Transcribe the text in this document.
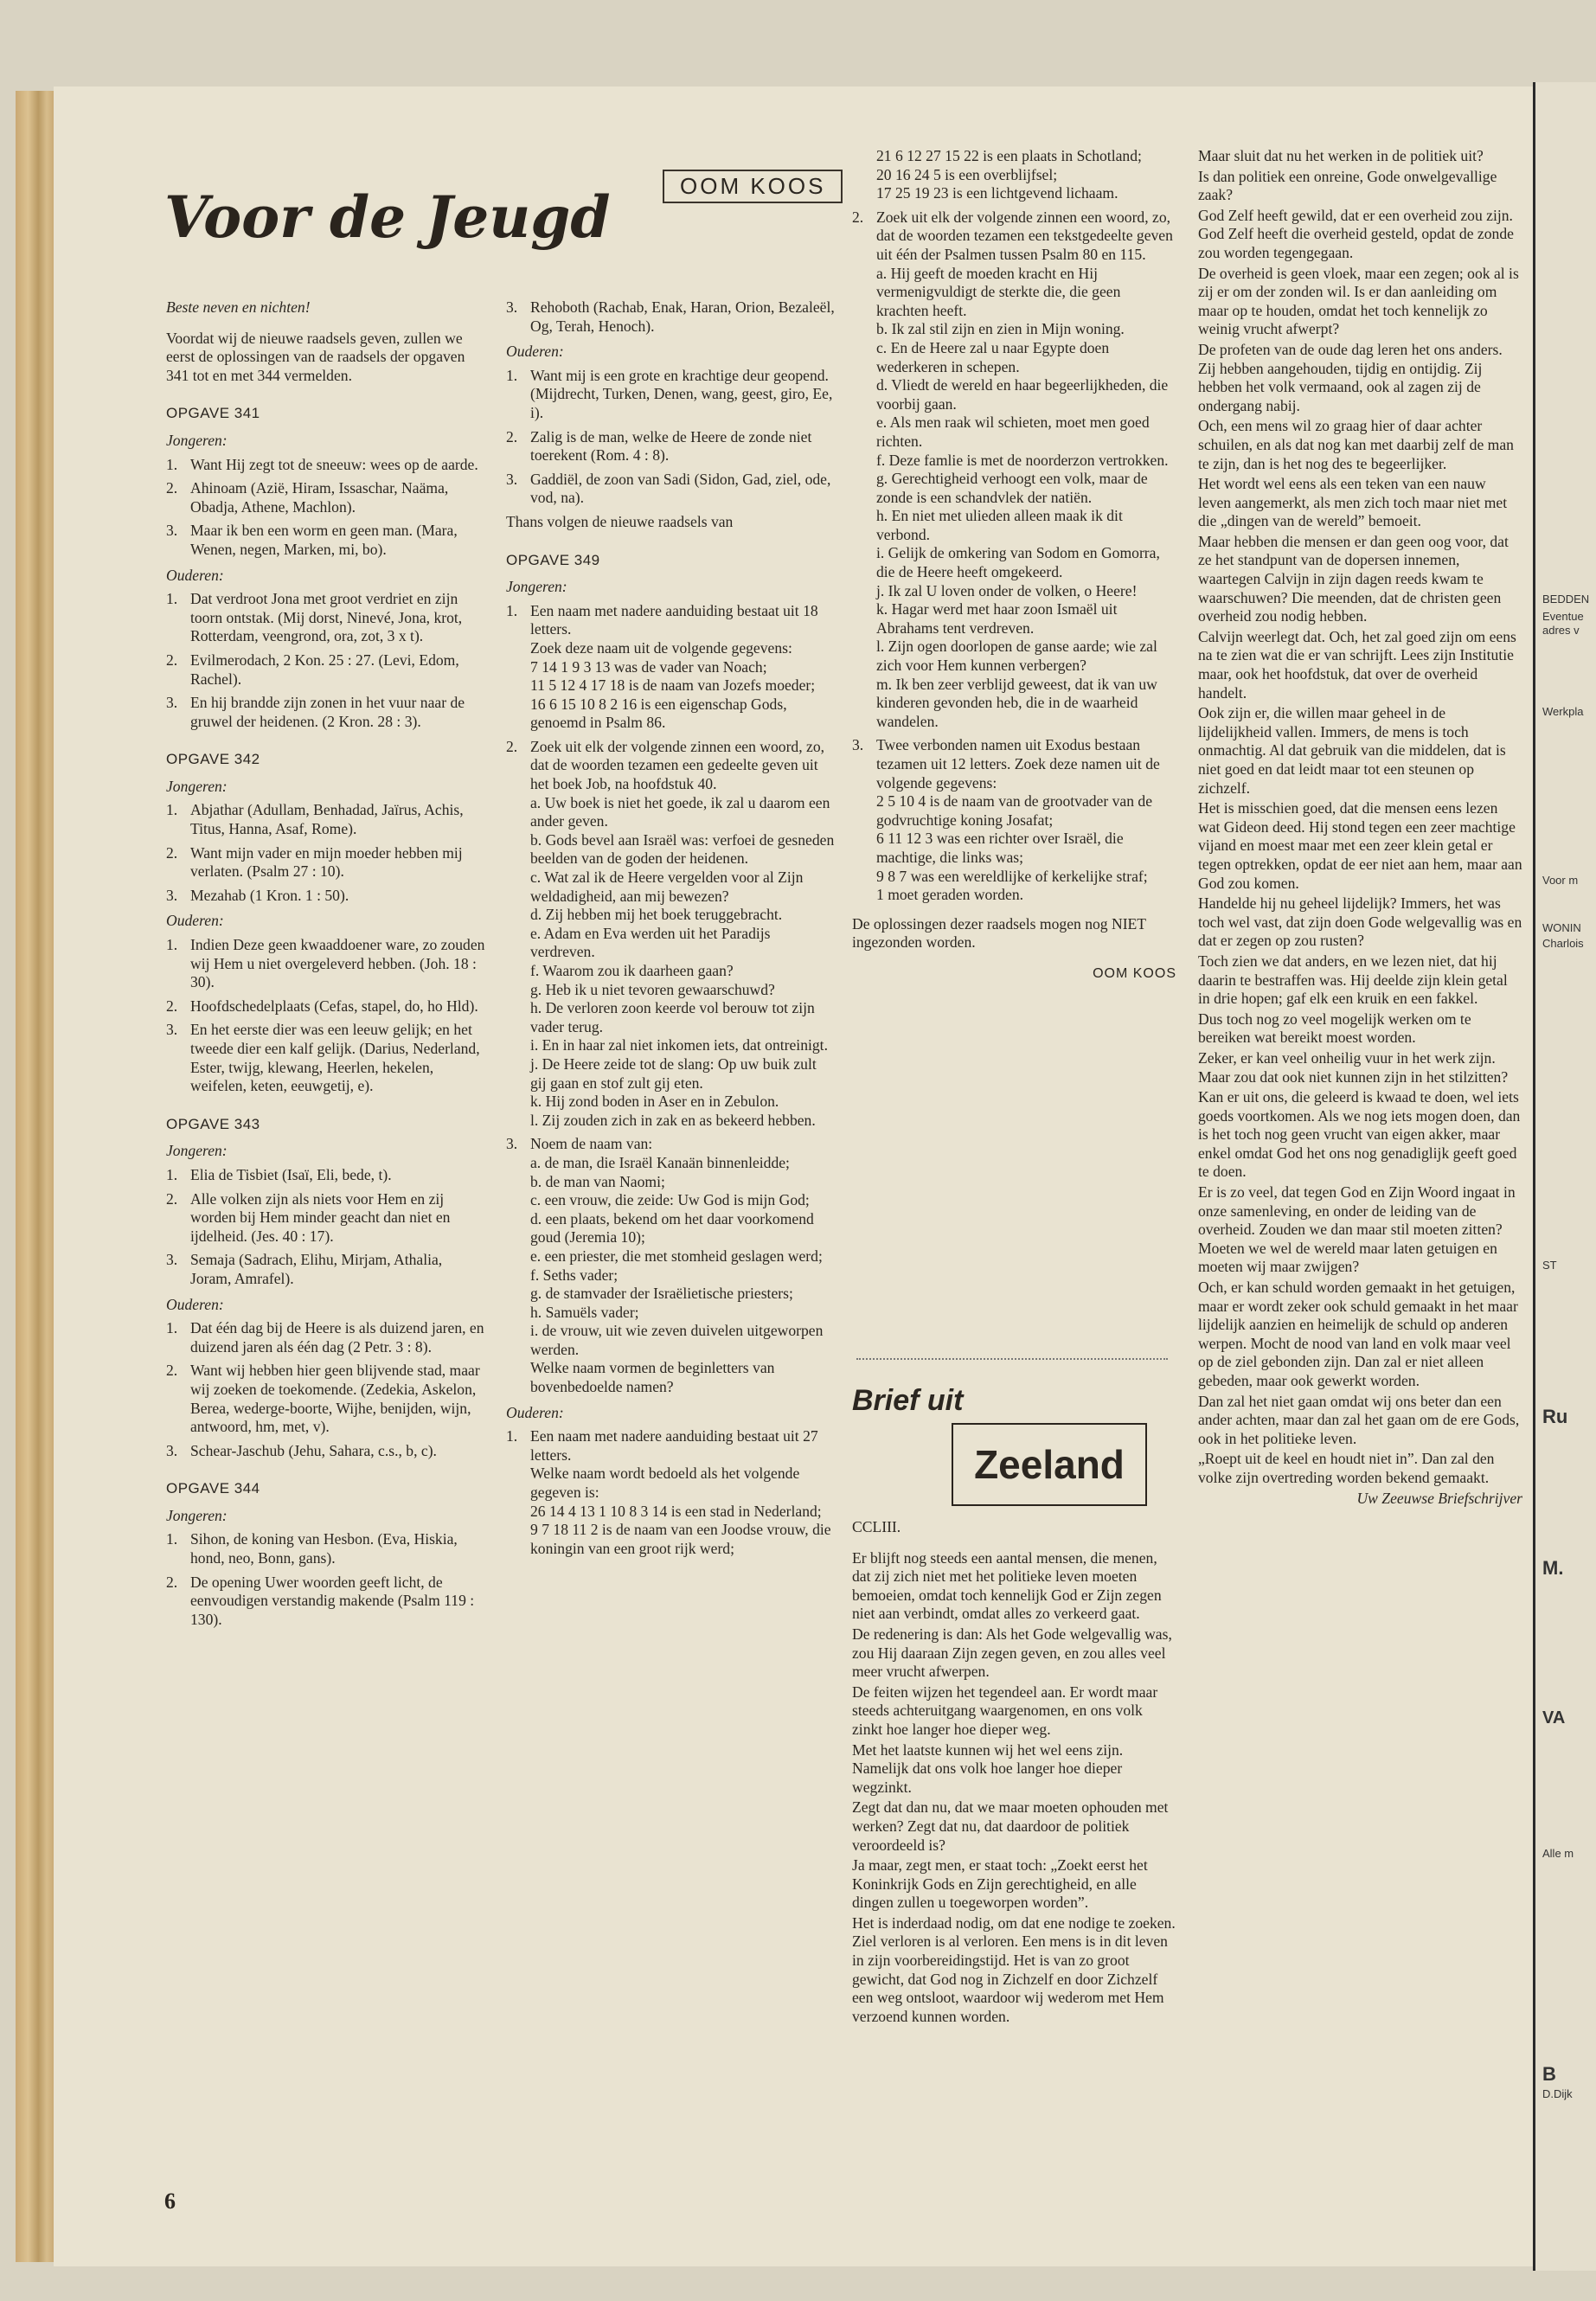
Voor de Jeugd	OOM KOOS

Beste neven en nichten!

Voordat wij de nieuwe raadsels geven, zullen we eerst de oplossingen van de raadsels der opgaven 341 tot en met 344 vermelden.

OPGAVE 341
Jongeren:
1. Want Hij zegt tot de sneeuw: wees op de aarde.
2. Ahinoam (Azië, Hiram, Issaschar, Naäma, Obadja, Athene, Machlon).
3. Maar ik ben een worm en geen man. (Mara, Wenen, negen, Marken, mi, bo).
Ouderen:
1. Dat verdroot Jona met groot verdriet en zijn toorn ontstak. (Mij dorst, Ninevé, Jona, krot, Rotterdam, veengrond, ora, zot, 3 x t).
2. Evilmerodach, 2 Kon. 25 : 27. (Levi, Edom, Rachel).
3. En hij brandde zijn zonen in het vuur naar de gruwel der heidenen. (2 Kron. 28 : 3).
OPGAVE 342
Jongeren:
1. Abjathar (Adullam, Benhadad, Jaïrus, Achis, Titus, Hanna, Asaf, Rome).
2. Want mijn vader en mijn moeder hebben mij verlaten. (Psalm 27 : 10).
3. Mezahab (1 Kron. 1 : 50).
Ouderen:
1. Indien Deze geen kwaaddoener ware, zo zouden wij Hem u niet overgeleverd hebben. (Joh. 18 : 30).
2. Hoofdschedelplaats (Cefas, stapel, do, ho Hld).
3. En het eerste dier was een leeuw gelijk; en het tweede dier een kalf gelijk. (Darius, Nederland, Ester, twijg, klewang, Heerlen, hekelen, weifelen, keten, eeuwgetij, e).
OPGAVE 343
Jongeren:
1. Elia de Tisbiet (Isaï, Eli, bede, t).
2. Alle volken zijn als niets voor Hem en zij worden bij Hem minder geacht dan niet en ijdelheid. (Jes. 40 : 17).
3. Semaja (Sadrach, Elihu, Mirjam, Athalia, Joram, Amrafel).
Ouderen:
1. Dat één dag bij de Heere is als duizend jaren, en duizend jaren als één dag (2 Petr. 3 : 8).
2. Want wij hebben hier geen blijvende stad, maar wij zoeken de toekomende. (Zedekia, Askelon, Berea, wederge-boorte, Wijhe, benijden, wijn, antwoord, hm, met, v).
3. Schear-Jaschub (Jehu, Sahara, c.s., b, c).
OPGAVE 344
Jongeren:
1. Sihon, de koning van Hesbon. (Eva, Hiskia, hond, neo, Bonn, gans).
2. De opening Uwer woorden geeft licht, de eenvoudigen verstandig makende (Psalm 119 : 130).
6
3. Rehoboth (Rachab, Enak, Haran, Orion, Bezaleël, Og, Terah, Henoch).
Ouderen:
1. Want mij is een grote en krachtige deur geopend. (Mijdrecht, Turken, Denen, wang, geest, giro, Ee, i).
2. Zalig is de man, welke de Heere de zonde niet toerekent (Rom. 4 : 8).
3. Gaddiël, de zoon van Sadi (Sidon, Gad, ziel, ode, vod, na).

Thans volgen de nieuwe raadsels van

OPGAVE 349
Jongeren:
1. Een naam met nadere aanduiding bestaat uit 18 letters.
Zoek deze naam uit de volgende gegevens:
7 14 1 9 3 13 was de vader van Noach;
11 5 12 4 17 18 is de naam van Jozefs moeder;
16 6 15 10 8 2 16 is een eigenschap Gods, genoemd in Psalm 86.
2. Zoek uit elk der volgende zinnen een woord, zo, dat de woorden tezamen een gedeelte geven uit het boek Job, na hoofdstuk 40.
a. Uw boek is niet het goede, ik zal u daarom een ander geven.
b. Gods bevel aan Israël was: verfoei de gesneden beelden van de goden der heidenen.
c. Wat zal ik de Heere vergelden voor al Zijn weldadigheid, aan mij bewezen?
d. Zij hebben mij het boek teruggebracht.
e. Adam en Eva werden uit het Paradijs verdreven.
f. Waarom zou ik daarheen gaan?
g. Heb ik u niet tevoren gewaarschuwd?
h. De verloren zoon keerde vol berouw tot zijn vader terug.
i. En in haar zal niet inkomen iets, dat ontreinigt.
j. De Heere zeide tot de slang: Op uw buik zult gij gaan en stof zult gij eten.
k. Hij zond boden in Aser en in Zebulon.
l. Zij zouden zich in zak en as bekeerd hebben.
3. Noem de naam van:
a. de man, die Israël Kanaän binnenleidde;
b. de man van Naomi;
c. een vrouw, die zeide: Uw God is mijn God;
d. een plaats, bekend om het daar voorkomend goud (Jeremia 10);
e. een priester, die met stomheid geslagen werd;
f. Seths vader;
g. de stamvader der Israëlietische priesters;
h. Samuëls vader;
i. de vrouw, uit wie zeven duivelen uitgeworpen werden.
Welke naam vormen de beginletters van bovenbedoelde namen?
Ouderen:
1. Een naam met nadere aanduiding bestaat uit 27 letters.
Welke naam wordt bedoeld als het volgende gegeven is:
26 14 4 13 1 10 8 3 14 is een stad in Nederland;
9 7 18 11 2 is de naam van een Joodse vrouw, die koningin van een groot rijk werd;
21 6 12 27 15 22 is een plaats in Schotland;
20 16 24 5 is een overblijfsel;
17 25 19 23 is een lichtgevend lichaam.
2. Zoek uit elk der volgende zinnen een woord, zo, dat de woorden tezamen een tekstgedeelte geven uit één der Psalmen tussen Psalm 80 en 115.
a. Hij geeft de moeden kracht en Hij vermenigvuldigt de sterkte die, die geen krachten heeft.
b. Ik zal stil zijn en zien in Mijn woning.
c. En de Heere zal u naar Egypte doen wederkeren in schepen.
d. Vliedt de wereld en haar begeerlijkheden, die voorbij gaan.
e. Als men raak wil schieten, moet men goed richten.
f. Deze famlie is met de noorderzon vertrokken.
g. Gerechtigheid verhoogt een volk, maar de zonde is een schandvlek der natiën.
h. En niet met ulieden alleen maak ik dit verbond.
i. Gelijk de omkering van Sodom en Gomorra, die de Heere heeft omgekeerd.
j. Ik zal U loven onder de volken, o Heere!
k. Hagar werd met haar zoon Ismaël uit Abrahams tent verdreven.
l. Zijn ogen doorlopen de ganse aarde; wie zal zich voor Hem kunnen verbergen?
m. Ik ben zeer verblijd geweest, dat ik van uw kinderen gevonden heb, die in de waarheid wandelen.
3. Twee verbonden namen uit Exodus bestaan tezamen uit 12 letters. Zoek deze namen uit de volgende gegevens:
2 5 10 4 is de naam van de grootvader van de godvruchtige koning Josafat;
6 11 12 3 was een richter over Israël, die machtige, die links was;
9 8 7 was een wereldlijke of kerkelijke straf;
1 moet geraden worden.

De oplossingen dezer raadsels mogen nog NIET ingezonden worden.

OOM KOOS
Brief uit
Zeeland

CCLIII.

Er blijft nog steeds een aantal mensen, die menen, dat zij zich niet met het politieke leven moeten bemoeien, omdat toch kennelijk God er Zijn zegen niet aan verbindt, omdat alles zo verkeerd gaat.

De redenering is dan: Als het Gode welgevallig was, zou Hij daaraan Zijn zegen geven, en zou alles veel meer vrucht afwerpen.

De feiten wijzen het tegendeel aan. Er wordt maar steeds achteruitgang waargenomen, en ons volk zinkt hoe langer hoe dieper weg.

Met het laatste kunnen wij het wel eens zijn. Namelijk dat ons volk hoe langer hoe dieper wegzinkt.

Zegt dat dan nu, dat we maar moeten ophouden met werken? Zegt dat nu, dat daardoor de politiek veroordeeld is?

Ja maar, zegt men, er staat toch: „Zoekt eerst het Koninkrijk Gods en Zijn gerechtigheid, en alle dingen zullen u toegeworpen worden”.

Het is inderdaad nodig, om dat ene nodige te zoeken. Ziel verloren is al verloren. Een mens is in dit leven in zijn voorbereidingstijd. Het is van zo groot gewicht, dat God nog in Zichzelf en door Zichzelf een weg ontsloot, waardoor wij wederom met Hem verzoend kunnen worden.

Maar sluit dat nu het werken in de politiek uit?

Is dan politiek een onreine, Gode onwelgevallige zaak?

God Zelf heeft gewild, dat er een overheid zou zijn. God Zelf heeft die overheid gesteld, opdat de zonde zou worden tegengegaan.

De overheid is geen vloek, maar een zegen; ook al is zij er om der zonden wil. Is er dan aanleiding om maar op te houden, omdat het toch kennelijk zo weinig vrucht afwerpt?

De profeten van de oude dag leren het ons anders. Zij hebben aangehouden, tijdig en ontijdig. Zij hebben het volk vermaand, ook al zagen zij de ondergang nabij.

Och, een mens wil zo graag hier of daar achter schuilen, en als dat nog kan met daarbij zelf de man te zijn, dan is het nog des te begeerlijker.

Het wordt wel eens als een teken van een nauw leven aangemerkt, als men zich toch maar niet met die „dingen van de wereld” bemoeit.

Maar hebben die mensen er dan geen oog voor, dat ze het standpunt van de dopersen innemen, waartegen Calvijn in zijn dagen reeds kwam te waarschuwen? Die meenden, dat de christen geen overheid zou nodig hebben.

Calvijn weerlegt dat. Och, het zal goed zijn om eens na te zien wat die er van schrijft. Lees zijn Institutie maar, ook het hoofdstuk, dat over de overheid handelt.

Ook zijn er, die willen maar geheel in de lijdelijkheid vallen. Immers, de mens is toch onmachtig. Al dat gebruik van die middelen, dat is niet goed en dat leidt maar tot een steunen op zichzelf.

Het is misschien goed, dat die mensen eens lezen wat Gideon deed. Hij stond tegen een zeer machtige vijand en moest maar met een zeer klein getal er tegen optrekken, opdat de eer niet aan hem, maar aan God zou komen.

Handelde hij nu geheel lijdelijk? Immers, het was toch wel vast, dat zijn doen Gode welgevallig was en dat er zegen op zou rusten?

Toch zien we dat anders, en we lezen niet, dat hij daarin te bestraffen was. Hij deelde zijn klein getal in drie hopen; gaf elk een kruik en een fakkel.

Dus toch nog zo veel mogelijk werken om te bereiken wat bereikt moest worden.

Zeker, er kan veel onheilig vuur in het werk zijn. Maar zou dat ook niet kunnen zijn in het stilzitten?

Kan er uit ons, die geleerd is kwaad te doen, wel iets goeds voortkomen. Als we nog iets mogen doen, dan is het toch nog geen vrucht van eigen akker, maar enkel omdat God het ons nog genadiglijk geeft goed te doen.

Er is zo veel, dat tegen God en Zijn Woord ingaat in onze samenleving, en onder de leiding van de overheid. Zouden we dan maar stil moeten zitten? Moeten we wel de wereld maar laten getuigen en moeten wij maar zwijgen?

Och, er kan schuld worden gemaakt in het getuigen, maar er wordt zeker ook schuld gemaakt in het maar lijdelijk aanzien en heimelijk de schuld op anderen werpen. Mocht de nood van land en volk maar veel op de ziel gebonden zijn. Dan zal er niet alleen gebeden, maar ook gewerkt worden.

Dan zal het niet gaan omdat wij ons beter dan een ander achten, maar dan zal het gaan om de ere Gods, ook in het politieke leven.

„Roept uit de keel en houdt niet in”. Dan zal den volke zijn overtreding worden bekend gemaakt.

Uw Zeeuwse Briefschrijver

BEDDEN
Eventue
adres v
Werkpla
Voor m
WONIN
Charlois
ST
Ru
M.
VA
Alle m
B
D.Dijk
